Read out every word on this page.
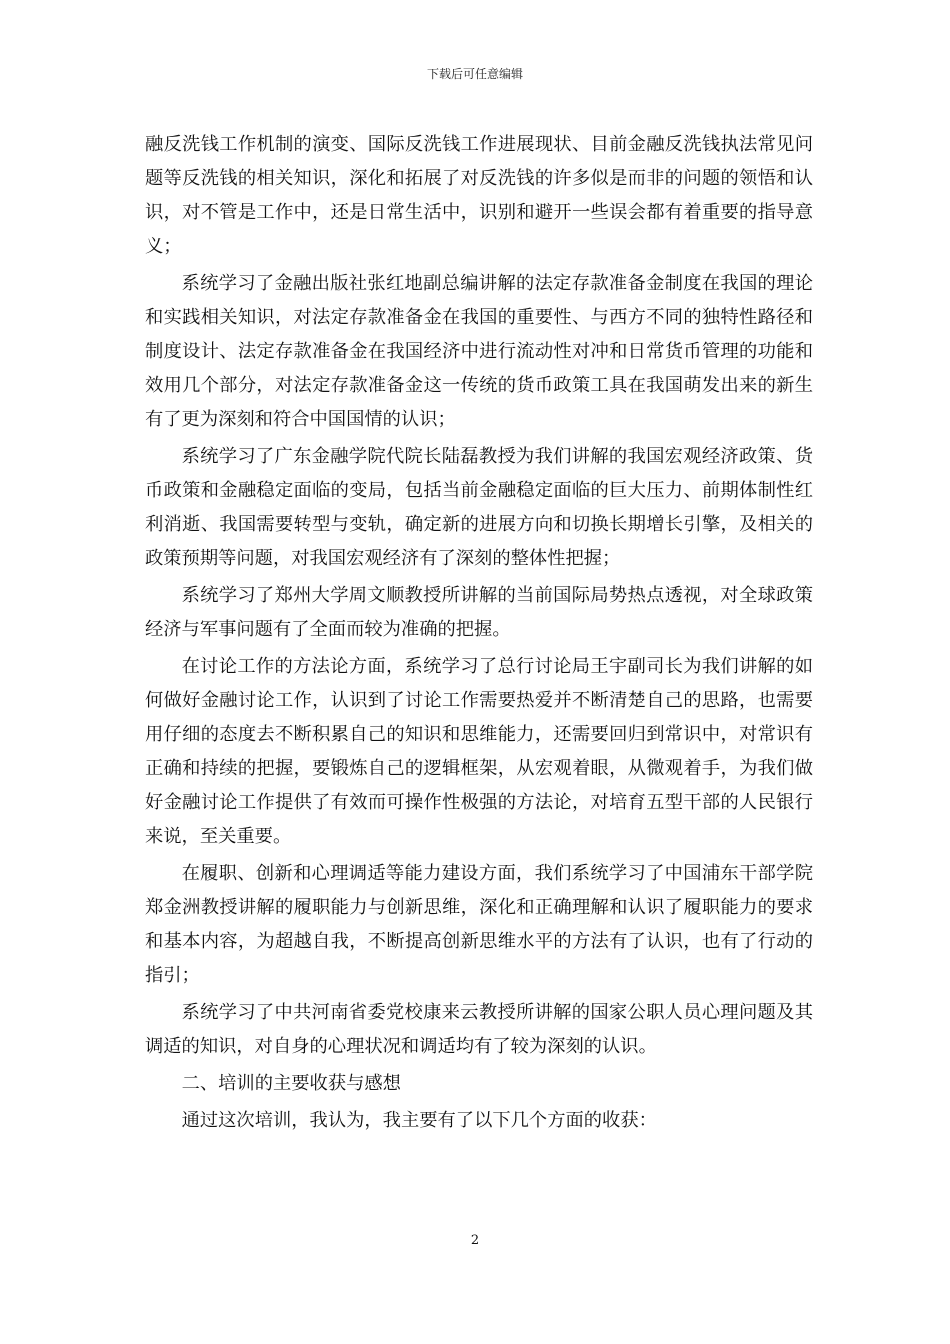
下载后可任意编辑

融反洗钱工作机制的演变、国际反洗钱工作进展现状、目前金融反洗钱执法常见问题等反洗钱的相关知识，深化和拓展了对反洗钱的许多似是而非的问题的领悟和认识，对不管是工作中，还是日常生活中，识别和避开一些误会都有着重要的指导意义；

系统学习了金融出版社张红地副总编讲解的法定存款准备金制度在我国的理论和实践相关知识，对法定存款准备金在我国的重要性、与西方不同的独特性路径和制度设计、法定存款准备金在我国经济中进行流动性对冲和日常货币管理的功能和效用几个部分，对法定存款准备金这一传统的货币政策工具在我国萌发出来的新生有了更为深刻和符合中国国情的认识；

系统学习了广东金融学院代院长陆磊教授为我们讲解的我国宏观经济政策、货币政策和金融稳定面临的变局，包括当前金融稳定面临的巨大压力、前期体制性红利消逝、我国需要转型与变轨，确定新的进展方向和切换长期增长引擎，及相关的政策预期等问题，对我国宏观经济有了深刻的整体性把握；

系统学习了郑州大学周文顺教授所讲解的当前国际局势热点透视，对全球政策经济与军事问题有了全面而较为准确的把握。

在讨论工作的方法论方面，系统学习了总行讨论局王宇副司长为我们讲解的如何做好金融讨论工作，认识到了讨论工作需要热爱并不断清楚自己的思路，也需要用仔细的态度去不断积累自己的知识和思维能力，还需要回归到常识中，对常识有正确和持续的把握，要锻炼自己的逻辑框架，从宏观着眼，从微观着手，为我们做好金融讨论工作提供了有效而可操作性极强的方法论，对培育五型干部的人民银行来说，至关重要。

在履职、创新和心理调适等能力建设方面，我们系统学习了中国浦东干部学院郑金洲教授讲解的履职能力与创新思维，深化和正确理解和认识了履职能力的要求和基本内容，为超越自我，不断提高创新思维水平的方法有了认识，也有了行动的指引；

系统学习了中共河南省委党校康来云教授所讲解的国家公职人员心理问题及其调适的知识，对自身的心理状况和调适均有了较为深刻的认识。

二、培训的主要收获与感想

通过这次培训，我认为，我主要有了以下几个方面的收获：

2
